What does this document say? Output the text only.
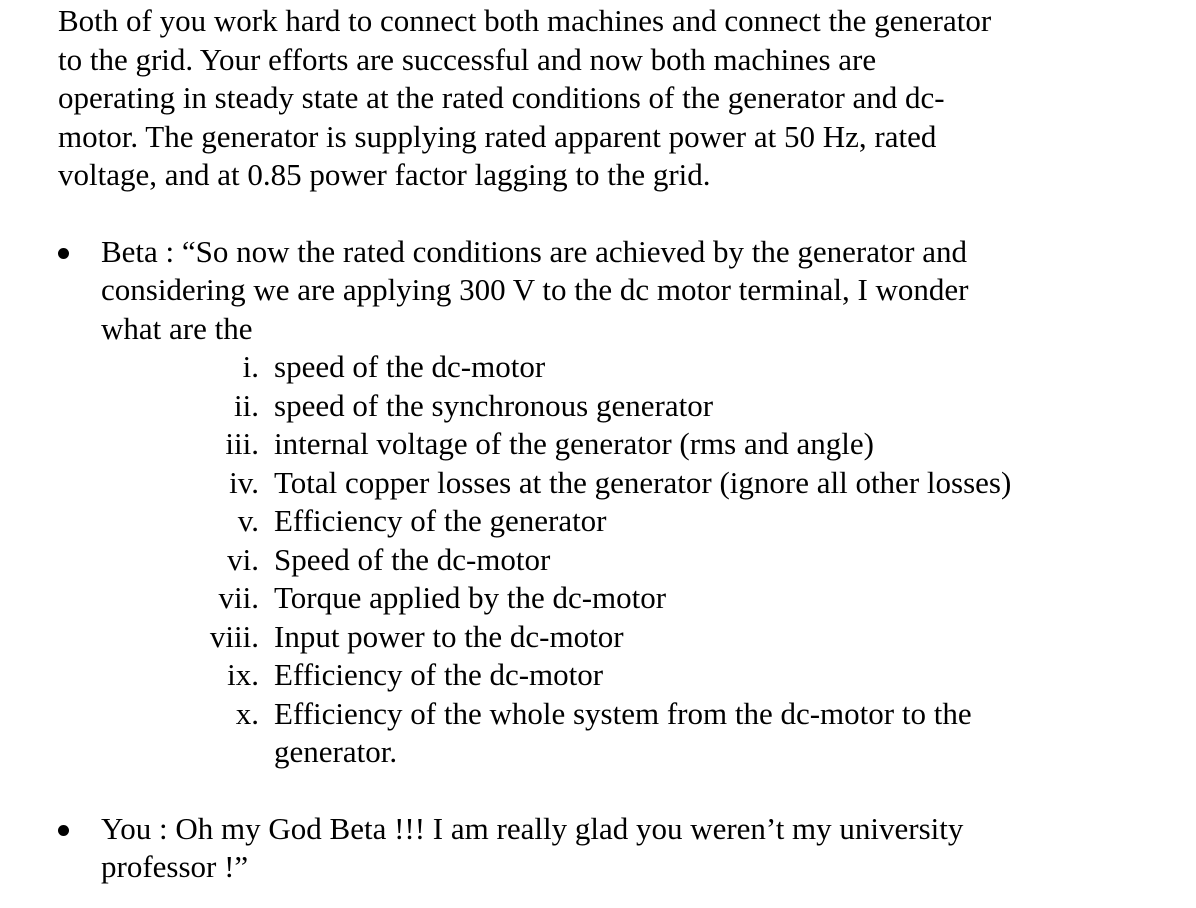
Both of you work hard to connect both machines and connect the generator

to the grid. Your efforts are successful and now both machines are

operating in steady state at the rated conditions of the generator and dc-

motor. The generator is supplying rated apparent power at 50 Hz, rated

voltage, and at 0.85 power factor lagging to the grid.

Beta : “So now the rated conditions are achieved by the generator and
considering we are applying 300 V to the dc motor terminal, I wonder
what are the
i. speed of the dc-motor
ii. speed of the synchronous generator
iii. internal voltage of the generator (rms and angle)
iv. Total copper losses at the generator (ignore all other losses)
v. Efficiency of the generator
vi. Speed of the dc-motor
vii. Torque applied by the dc-motor
viii. Input power to the dc-motor
ix. Efficiency of the dc-motor
x. Efficiency of the whole system from the dc-motor to the
generator.
You : Oh my God Beta !!! I am really glad you weren’t my university
professor !”
